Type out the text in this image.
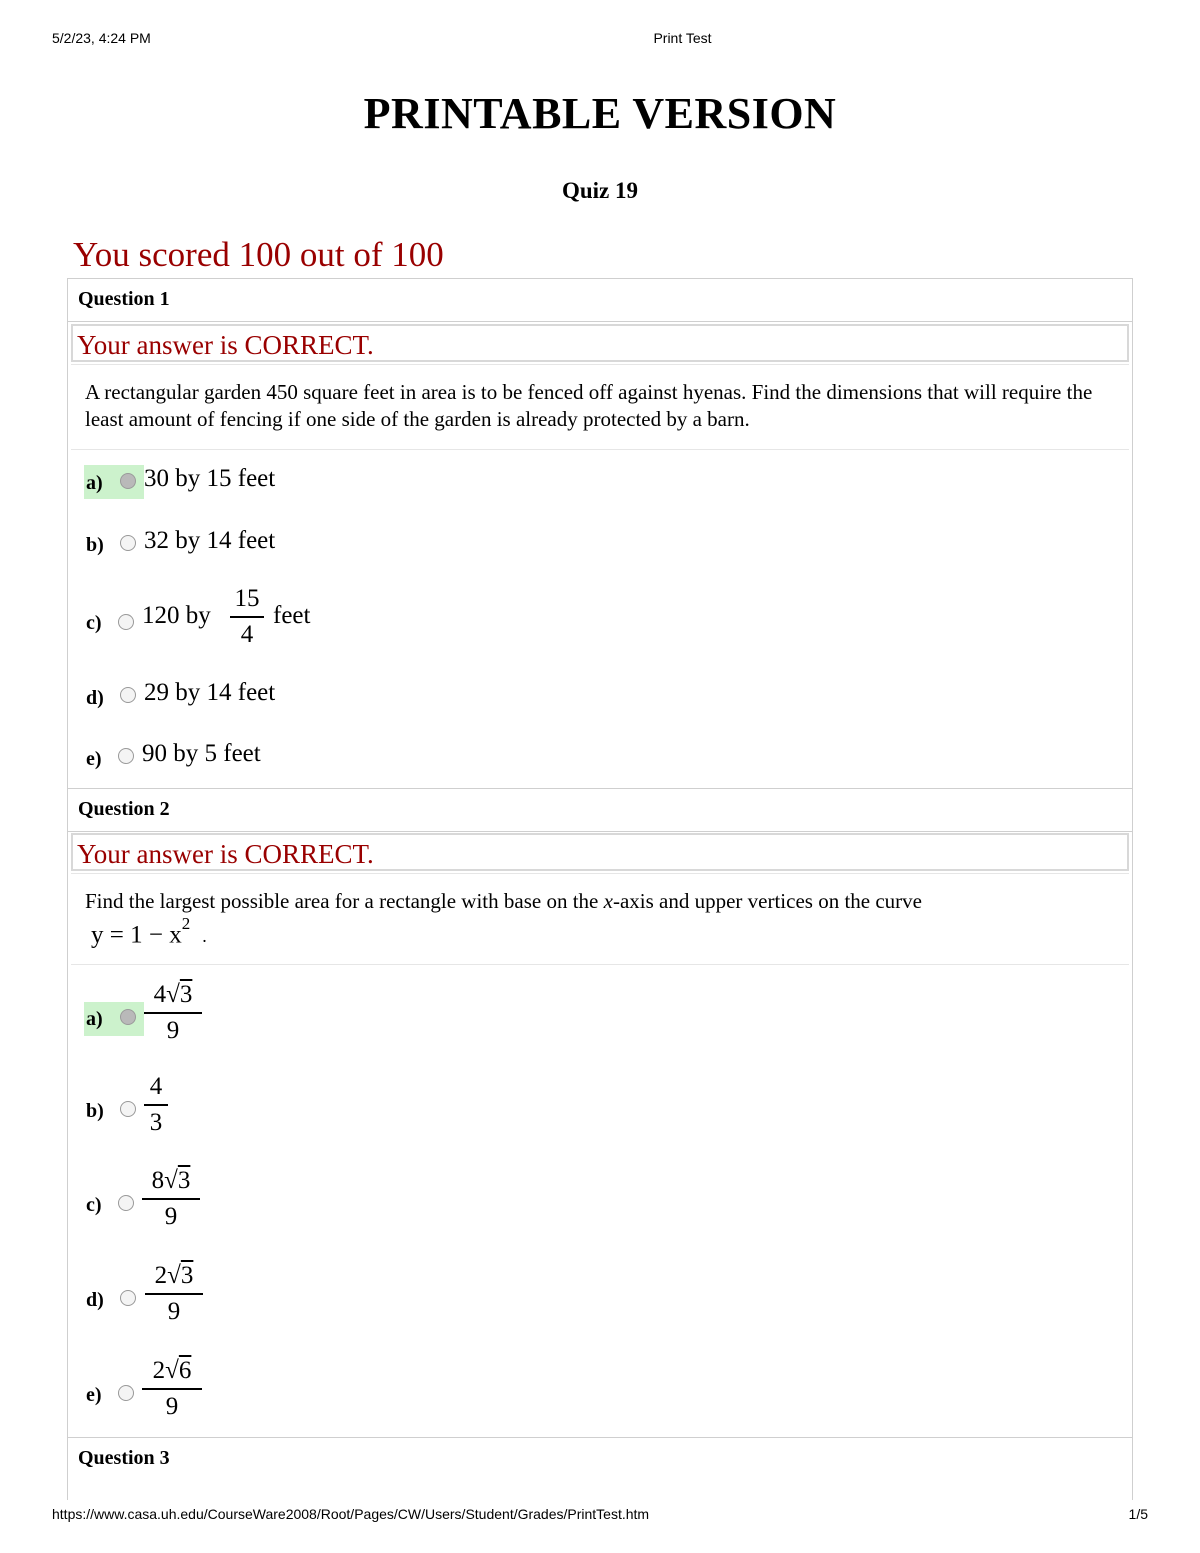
5/2/23, 4:24 PM	Print Test
PRINTABLE VERSION
Quiz 19
You scored 100 out of 100
Question 1
Your answer is CORRECT.
A rectangular garden 450 square feet in area is to be fenced off against hyenas. Find the dimensions that will require the least amount of fencing if one side of the garden is already protected by a barn.
a) 30 by 15 feet
b) 32 by 14 feet
c) 120 by
15
4
feet
d) 29 by 14 feet
e) 90 by 5 feet
Question 2
Your answer is CORRECT.
Find the largest possible area for a rectangle with base on the x-axis and upper vertices on the curve
$y = 1 - x^2$.
a)
4√3
9
b)
4
3
c)
8√3
9
d)
2√3
9
e)
2√6
9
Question 3
https://www.casa.uh.edu/CourseWare2008/Root/Pages/CW/Users/Student/Grades/PrintTest.htm	1/5
